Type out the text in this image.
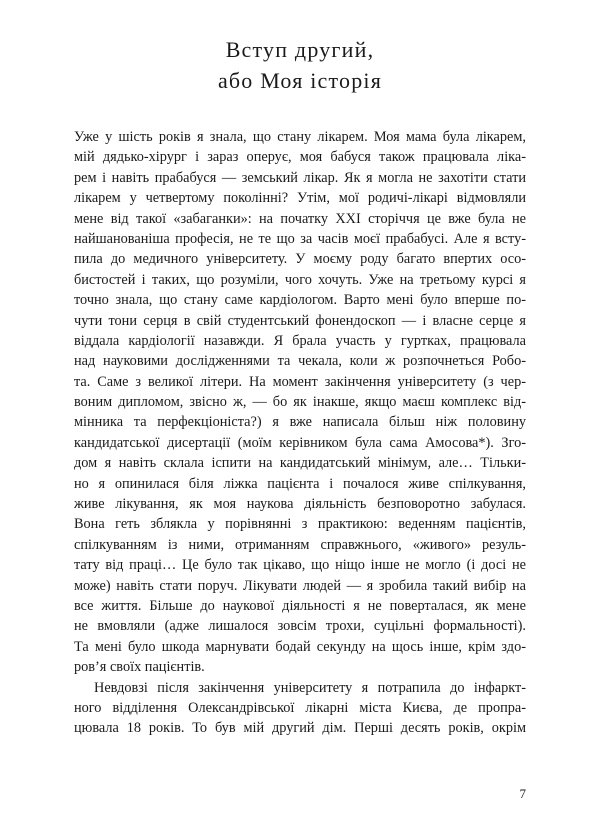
Вступ другий,
або Моя історія
Уже у шість років я знала, що стану лікарем. Моя мама була лікарем,
мій дядько-хірург і зараз оперує, моя бабуся також працювала ліка-
рем і навіть прабабуся — земський лікар. Як я могла не захотіти стати
лікарем у четвертому поколінні? Утім, мої родичі-лікарі відмовляли
мене від такої «забаганки»: на початку XXI сторіччя це вже була не
найшанованіша професія, не те що за часів моєї прабабусі. Але я всту-
пила до медичного університету. У моєму роду багато впертих осо-
бистостей і таких, що розуміли, чого хочуть. Уже на третьому курсі я
точно знала, що стану саме кардіологом. Варто мені було вперше по-
чути тони серця в свій студентський фонендоскоп — і власне серце я
віддала кардіології назавжди. Я брала участь у гуртках, працювала
над науковими дослідженнями та чекала, коли ж розпочнеться Робо-
та. Саме з великої літери. На момент закінчення університету (з чер-
воним дипломом, звісно ж, — бо як інакше, якщо маєш комплекс від-
мінника та перфекціоніста?) я вже написала більш ніж половину
кандидатської дисертації (моїм керівником була сама Амосова*). Зго-
дом я навіть склала іспити на кандидатський мінімум, але… Тільки-
но я опинилася біля ліжка пацієнта і почалося живе спілкування,
живе лікування, як моя наукова діяльність безповоротно забулася.
Вона геть зблякла у порівнянні з практикою: веденням пацієнтів,
спілкуванням із ними, отриманням справжнього, «живого» резуль-
тату від праці… Це було так цікаво, що ніщо інше не могло (і досі не
може) навіть стати поруч. Лікувати людей — я зробила такий вибір на
все життя. Більше до наукової діяльності я не поверталася, як мене
не вмовляли (адже лишалося зовсім трохи, суцільні формальності).
Та мені було шкода марнувати бодай секунду на щось інше, крім здо-
ров’я своїх пацієнтів.
Невдовзі після закінчення університету я потрапила до інфаркт-
ного відділення Олександрівської лікарні міста Києва, де пропра-
цювала 18 років. То був мій другий дім. Перші десять років, окрім
7
